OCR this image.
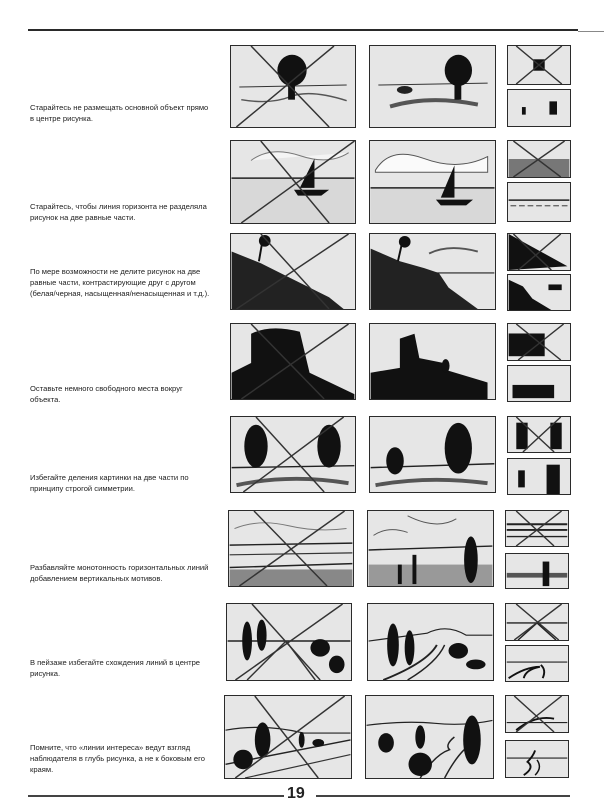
Старайтесь не размещать основной объект прямо в центре рисунка.
Старайтесь, чтобы линия горизонта не разделяла рисунок на две равные части.
По мере возможности не делите рисунок на две равные части, контрастирующие друг с другом (белая/черная, насыщенная/ненасыщенная и т.д.).
Оставьте немного свободного места вокруг объекта.
Избегайте деления картинки на две части по принципу строгой симметрии.
Разбавляйте монотонность горизонтальных линий добавлением вертикальных мотивов.
В пейзаже избегайте схождения линий в центре рисунка.
Помните, что «линии интереса» ведут взгляд наблюдателя в глубь рисунка, а не к боковым его краям.
19
